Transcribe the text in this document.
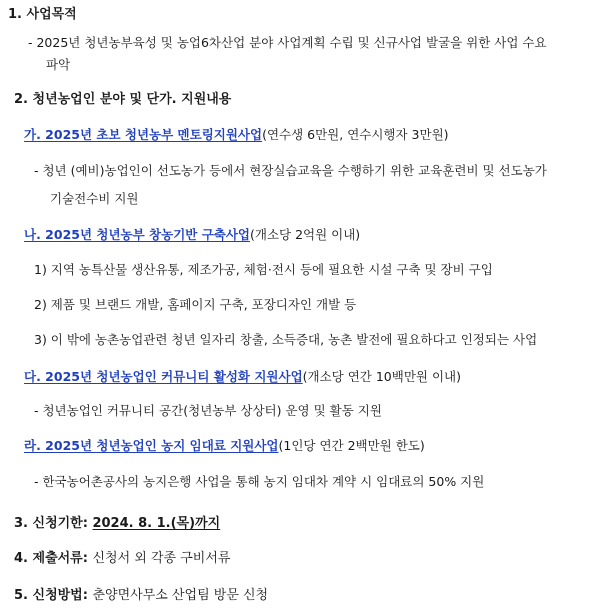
1. 사업목적
- 2025년 청년농부육성 및 농업6차산업 분야 사업계획 수립 및 신규사업 발굴을 위한 사업 수요
파악
2. 청년농업인 분야 및 단가. 지원내용
가. 2025년 초보 청년농부 멘토링지원사업(연수생 6만원, 연수시행자 3만원)
- 청년 (예비)농업인이 선도농가 등에서 현장실습교육을 수행하기 위한 교육훈련비 및 선도농가
기술전수비 지원
나. 2025년 청년농부 창농기반 구축사업(개소당 2억원 이내)
1) 지역 농특산물 생산유통, 제조가공, 체험·전시 등에 필요한 시설 구축 및 장비 구입
2) 제품 및 브랜드 개발, 홈페이지 구축, 포장디자인 개발 등
3) 이 밖에 농촌농업관련 청년 일자리 창출, 소득증대, 농촌 발전에 필요하다고 인정되는 사업
다. 2025년 청년농업인 커뮤니티 활성화 지원사업(개소당 연간 10백만원 이내)
- 청년농업인 커뮤니티 공간(청년농부 상상터) 운영 및 활동 지원
라. 2025년 청년농업인 농지 임대료 지원사업(1인당 연간 2백만원 한도)
- 한국농어촌공사의 농지은행 사업을 통해 농지 임대차 계약 시 임대료의 50% 지원
3. 신청기한: 2024. 8. 1.(목)까지
4. 제출서류: 신청서 외 각종 구비서류
5. 신청방법: 춘양면사무소 산업팀 방문 신청
